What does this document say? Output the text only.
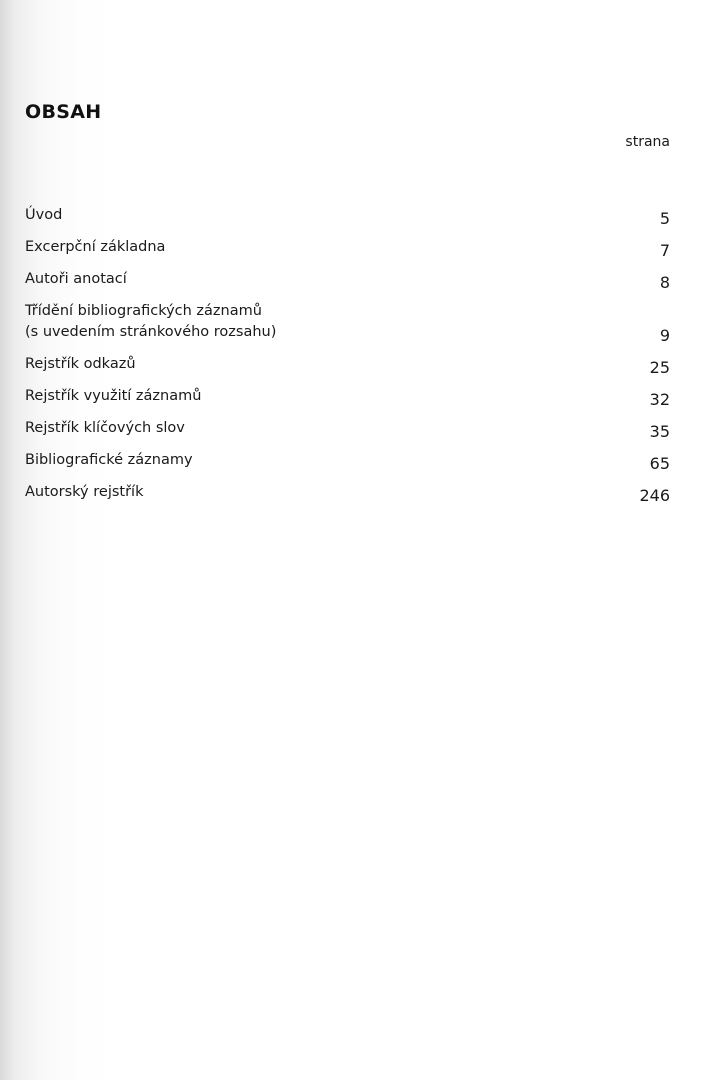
OBSAH
strana
Úvod	5
Excerpční základna	7
Autoři anotací	8
Třídění bibliografických záznamů
(s uvedením stránkového rozsahu)	9
Rejstřík odkazů	25
Rejstřík využití záznamů	32
Rejstřík klíčových slov	35
Bibliografické záznamy	65
Autorský rejstřík	246
